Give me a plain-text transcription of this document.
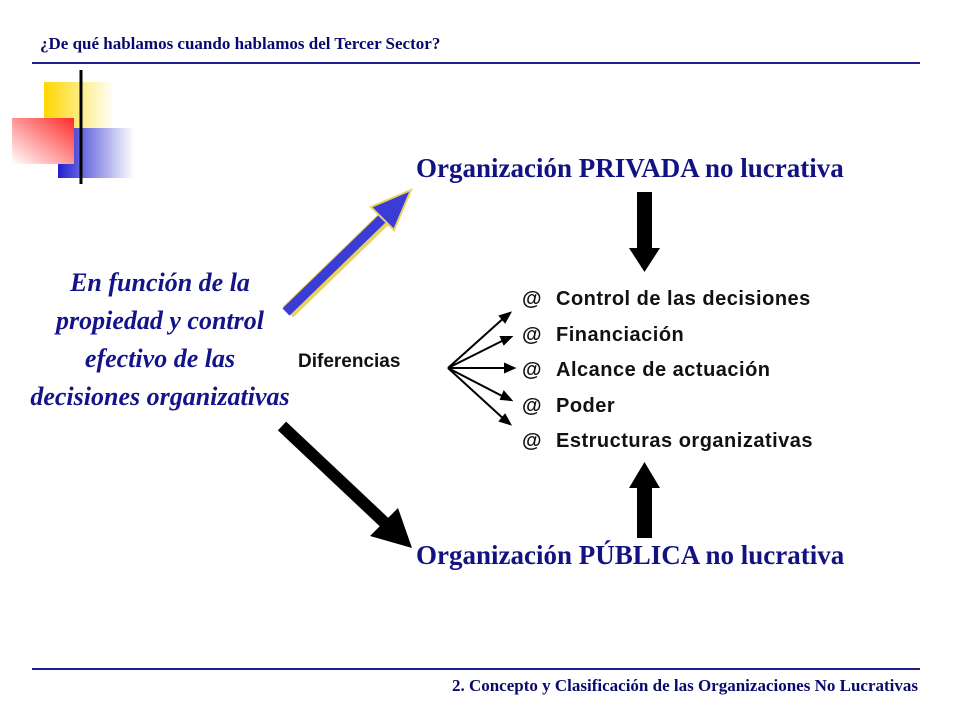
¿De qué hablamos cuando hablamos del Tercer Sector?
Organización PRIVADA no lucrativa
Organización PÚBLICA no lucrativa
En función de la propiedad y control efectivo de las decisiones organizativas
Diferencias
@ Control de las decisiones
@ Financiación
@ Alcance de actuación
@ Poder
@ Estructuras organizativas
2. Concepto y Clasificación de las Organizaciones No Lucrativas
